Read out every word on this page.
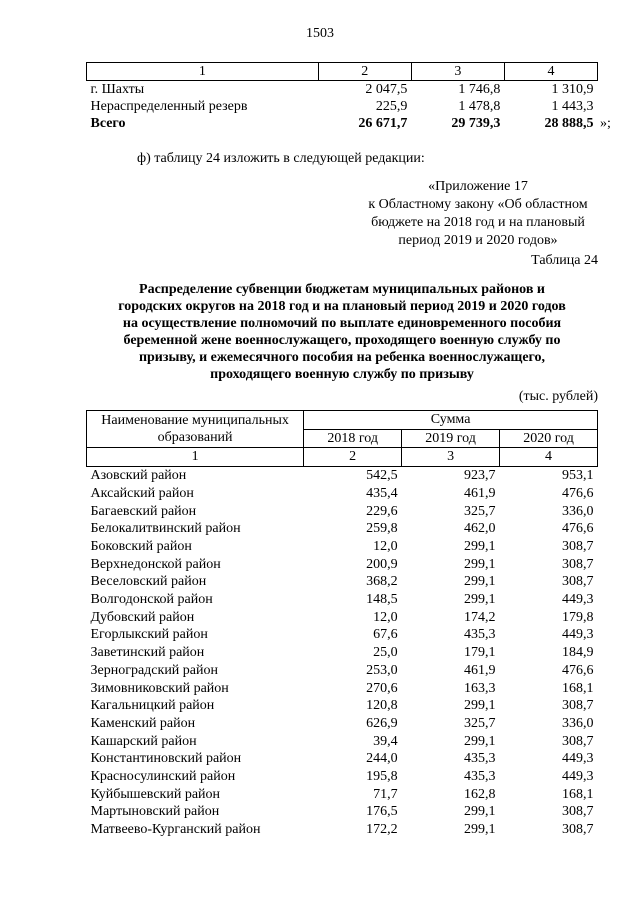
1503
1	2	3	4
г. Шахты	2 047,5	1 746,8	1 310,9
Нераспределенный резерв	225,9	1 478,8	1 443,3
Всего	26 671,7	29 739,3	28 888,5 »;
ф) таблицу 24 изложить в следующей редакции:
«Приложение 17
к Областному закону «Об областном
бюджете на 2018 год и на плановый
период 2019 и 2020 годов»
Таблица 24
Распределение субвенции бюджетам муниципальных районов и
городских округов на 2018 год и на плановый период 2019 и 2020 годов
на осуществление полномочий по выплате единовременного пособия
беременной жене военнослужащего, проходящего военную службу по
призыву, и ежемесячного пособия на ребенка военнослужащего,
проходящего военную службу по призыву
(тыс. рублей)
Наименование муниципальных
образований	Сумма		
	2018 год	2019 год	2020 год
1	2	3	4
Азовский район	542,5	923,7	953,1
Аксайский район	435,4	461,9	476,6
Багаевский район	229,6	325,7	336,0
Белокалитвинский район	259,8	462,0	476,6
Боковский район	12,0	299,1	308,7
Верхнедонской район	200,9	299,1	308,7
Веселовский район	368,2	299,1	308,7
Волгодонской район	148,5	299,1	449,3
Дубовский район	12,0	174,2	179,8
Егорлыкский район	67,6	435,3	449,3
Заветинский район	25,0	179,1	184,9
Зерноградский район	253,0	461,9	476,6
Зимовниковский район	270,6	163,3	168,1
Кагальницкий район	120,8	299,1	308,7
Каменский район	626,9	325,7	336,0
Кашарский район	39,4	299,1	308,7
Константиновский район	244,0	435,3	449,3
Красносулинский район	195,8	435,3	449,3
Куйбышевский район	71,7	162,8	168,1
Мартыновский район	176,5	299,1	308,7
Матвеево-Курганский район	172,2	299,1	308,7
